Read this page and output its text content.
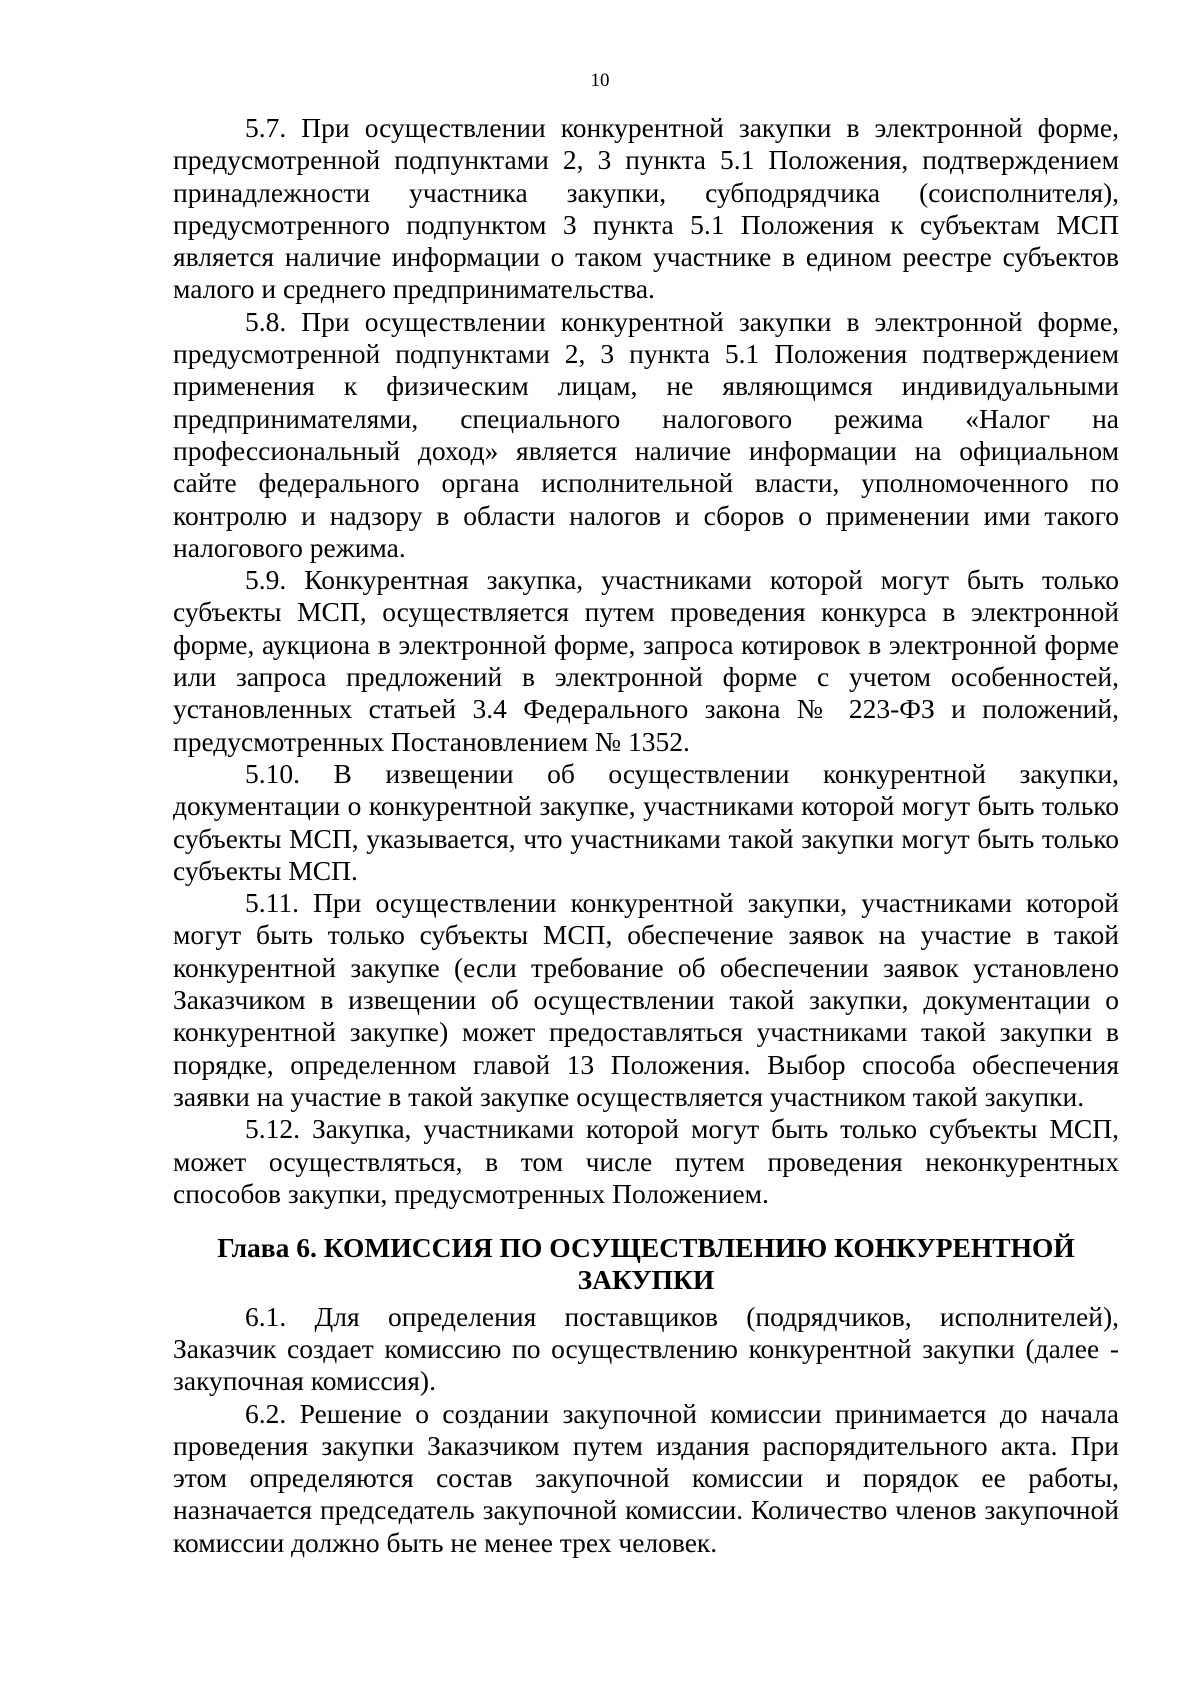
10

5.7. При осуществлении конкурентной закупки в электронной форме, предусмотренной подпунктами 2, 3 пункта 5.1 Положения, подтверждением принадлежности участника закупки, субподрядчика (соисполнителя), предусмотренного подпунктом 3 пункта 5.1 Положения к субъектам МСП является наличие информации о таком участнике в едином реестре субъектов малого и среднего предпринимательства.

5.8. При осуществлении конкурентной закупки в электронной форме, предусмотренной подпунктами 2, 3 пункта 5.1 Положения подтверждением применения к физическим лицам, не являющимся индивидуальными предпринимателями, специального налогового режима «Налог на профессиональный доход» является наличие информации на официальном сайте федерального органа исполнительной власти, уполномоченного по контролю и надзору в области налогов и сборов о применении ими такого налогового режима.

5.9. Конкурентная закупка, участниками которой могут быть только субъекты МСП, осуществляется путем проведения конкурса в электронной форме, аукциона в электронной форме, запроса котировок в электронной форме или запроса предложений в электронной форме с учетом особенностей, установленных статьей 3.4 Федерального закона № 223-ФЗ и положений, предусмотренных Постановлением № 1352.

5.10. В извещении об осуществлении конкурентной закупки, документации о конкурентной закупке, участниками которой могут быть только субъекты МСП, указывается, что участниками такой закупки могут быть только субъекты МСП.

5.11. При осуществлении конкурентной закупки, участниками которой могут быть только субъекты МСП, обеспечение заявок на участие в такой конкурентной закупке (если требование об обеспечении заявок установлено Заказчиком в извещении об осуществлении такой закупки, документации о конкурентной закупке) может предоставляться участниками такой закупки в порядке, определенном главой 13 Положения. Выбор способа обеспечения заявки на участие в такой закупке осуществляется участником такой закупки.

5.12. Закупка, участниками которой могут быть только субъекты МСП, может осуществляться, в том числе путем проведения неконкурентных способов закупки, предусмотренных Положением.

Глава 6. КОМИССИЯ ПО ОСУЩЕСТВЛЕНИЮ КОНКУРЕНТНОЙ ЗАКУПКИ

6.1. Для определения поставщиков (подрядчиков, исполнителей), Заказчик создает комиссию по осуществлению конкурентной закупки (далее - закупочная комиссия).

6.2. Решение о создании закупочной комиссии принимается до начала проведения закупки Заказчиком путем издания распорядительного акта. При этом определяются состав закупочной комиссии и порядок ее работы, назначается председатель закупочной комиссии. Количество членов закупочной комиссии должно быть не менее трех человек.
